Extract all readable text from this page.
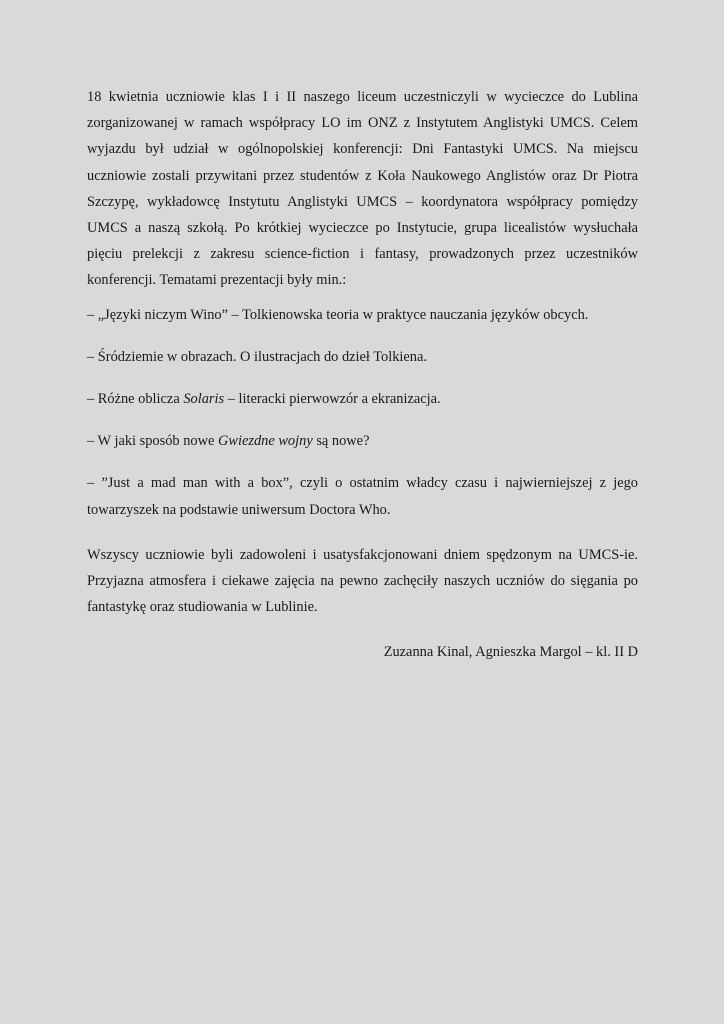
18 kwietnia uczniowie klas I i II naszego liceum uczestniczyli w wycieczce do Lublina zorganizowanej w ramach współpracy LO im ONZ z Instytutem Anglistyki UMCS. Celem wyjazdu był udział w ogólnopolskiej konferencji: Dni Fantastyki UMCS. Na miejscu uczniowie zostali przywitani przez studentów z Koła Naukowego Anglistów oraz Dr Piotra Szczypę, wykładowcę Instytutu Anglistyki UMCS – koordynatora współpracy pomiędzy UMCS a naszą szkołą. Po krótkiej wycieczce po Instytucie, grupa licealistów wysłuchała pięciu prelekcji z zakresu science-fiction i fantasy, prowadzonych przez uczestników konferencji. Tematami prezentacji były min.:

– „Języki niczym Wino” – Tolkienowska teoria w praktyce nauczania języków obcych.

– Śródziemie w obrazach. O ilustracjach do dzieł Tolkiena.

– Różne oblicza Solaris – literacki pierwowzór a ekranizacja.

– W jaki sposób nowe Gwiezdne wojny są nowe?

– ”Just a mad man with a box”, czyli o ostatnim władcy czasu i najwierniejszej z jego towarzyszek na podstawie uniwersum Doctora Who.

Wszyscy uczniowie byli zadowoleni i usatysfakcjonowani dniem spędzonym na UMCS-ie. Przyjazna atmosfera i ciekawe zajęcia na pewno zachęciły naszych uczniów do sięgania po fantastykę oraz studiowania w Lublinie.

Zuzanna Kinal, Agnieszka Margol – kl. II D
